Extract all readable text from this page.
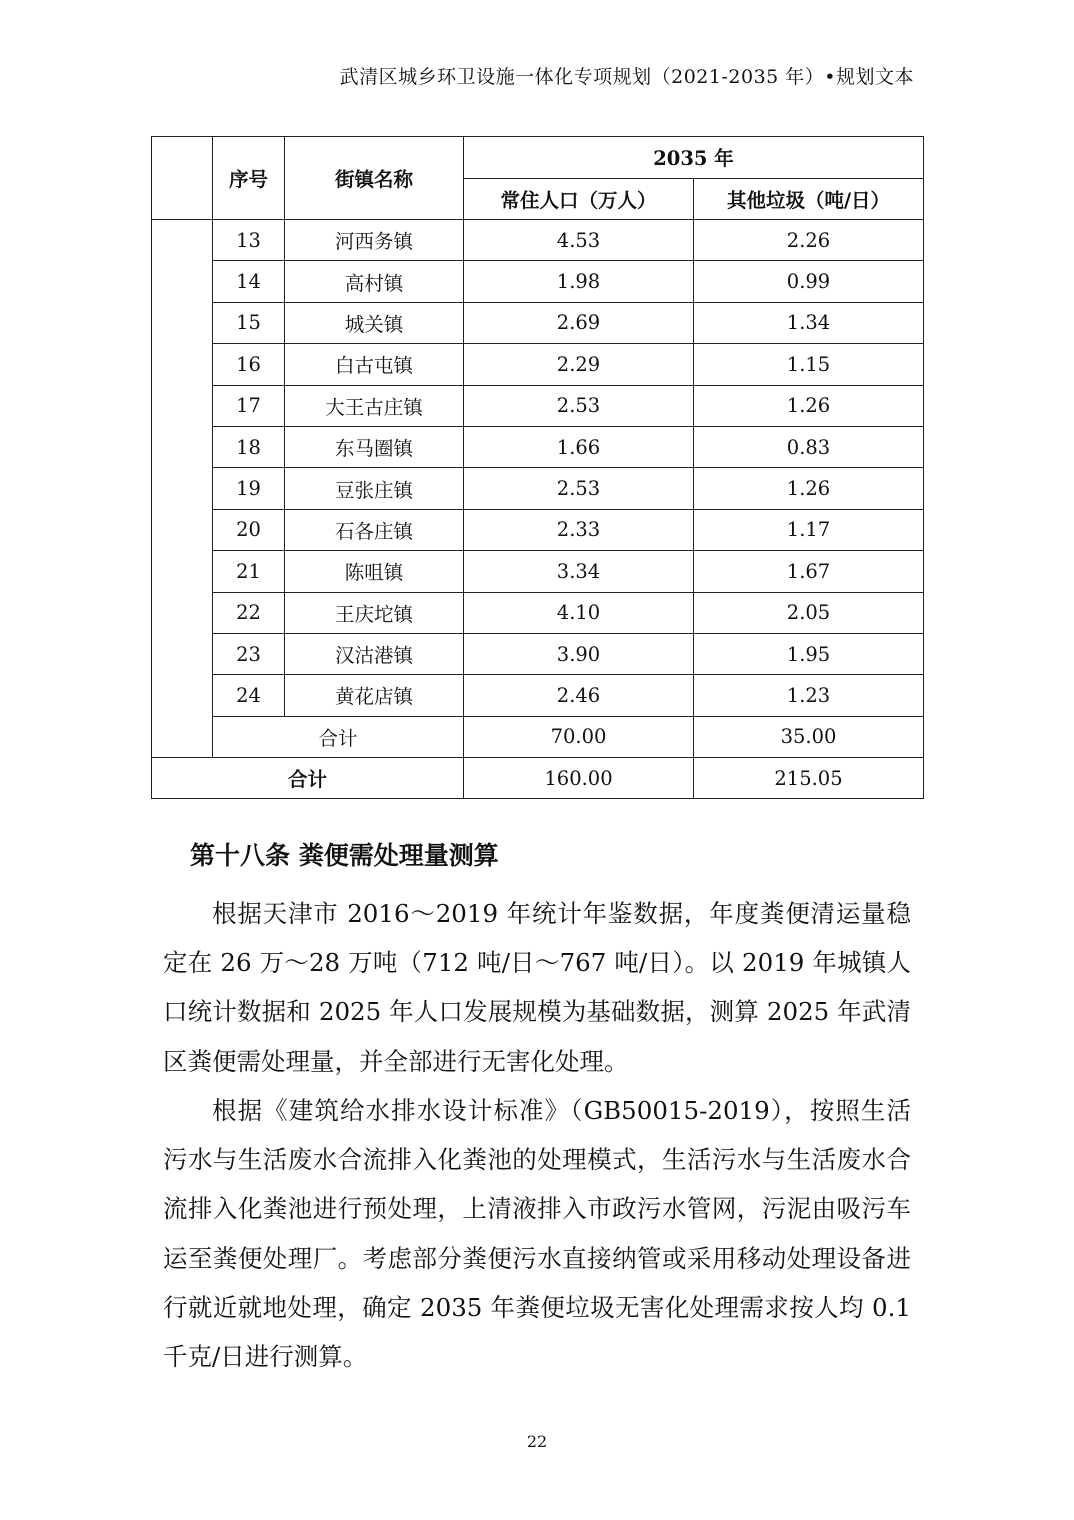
武清区城乡环卫设施一体化专项规划（2021-2035 年）•规划文本
	序号	街镇名称	2035 年	
			常住人口（万人）	其他垃圾（吨/日）
	13	河西务镇	4.53	2.26
	14	高村镇	1.98	0.99
	15	城关镇	2.69	1.34
	16	白古屯镇	2.29	1.15
	17	大王古庄镇	2.53	1.26
	18	东马圈镇	1.66	0.83
	19	豆张庄镇	2.53	1.26
	20	石各庄镇	2.33	1.17
	21	陈咀镇	3.34	1.67
	22	王庆坨镇	4.10	2.05
	23	汉沽港镇	3.90	1.95
	24	黄花店镇	2.46	1.23
	合计		70.00	35.00
合计			160.00	215.05
第十八条 粪便需处理量测算

根据天津市 2016～2019 年统计年鉴数据，年度粪便清运量稳定在 26 万～28 万吨（712 吨/日～767 吨/日）。以 2019 年城镇人口统计数据和 2025 年人口发展规模为基础数据，测算 2025 年武清区粪便需处理量，并全部进行无害化处理。

根据《建筑给水排水设计标准》（GB50015-2019），按照生活污水与生活废水合流排入化粪池的处理模式，生活污水与生活废水合流排入化粪池进行预处理，上清液排入市政污水管网，污泥由吸污车运至粪便处理厂。考虑部分粪便污水直接纳管或采用移动处理设备进行就近就地处理，确定 2035 年粪便垃圾无害化处理需求按人均 0.1 千克/日进行测算。

22
